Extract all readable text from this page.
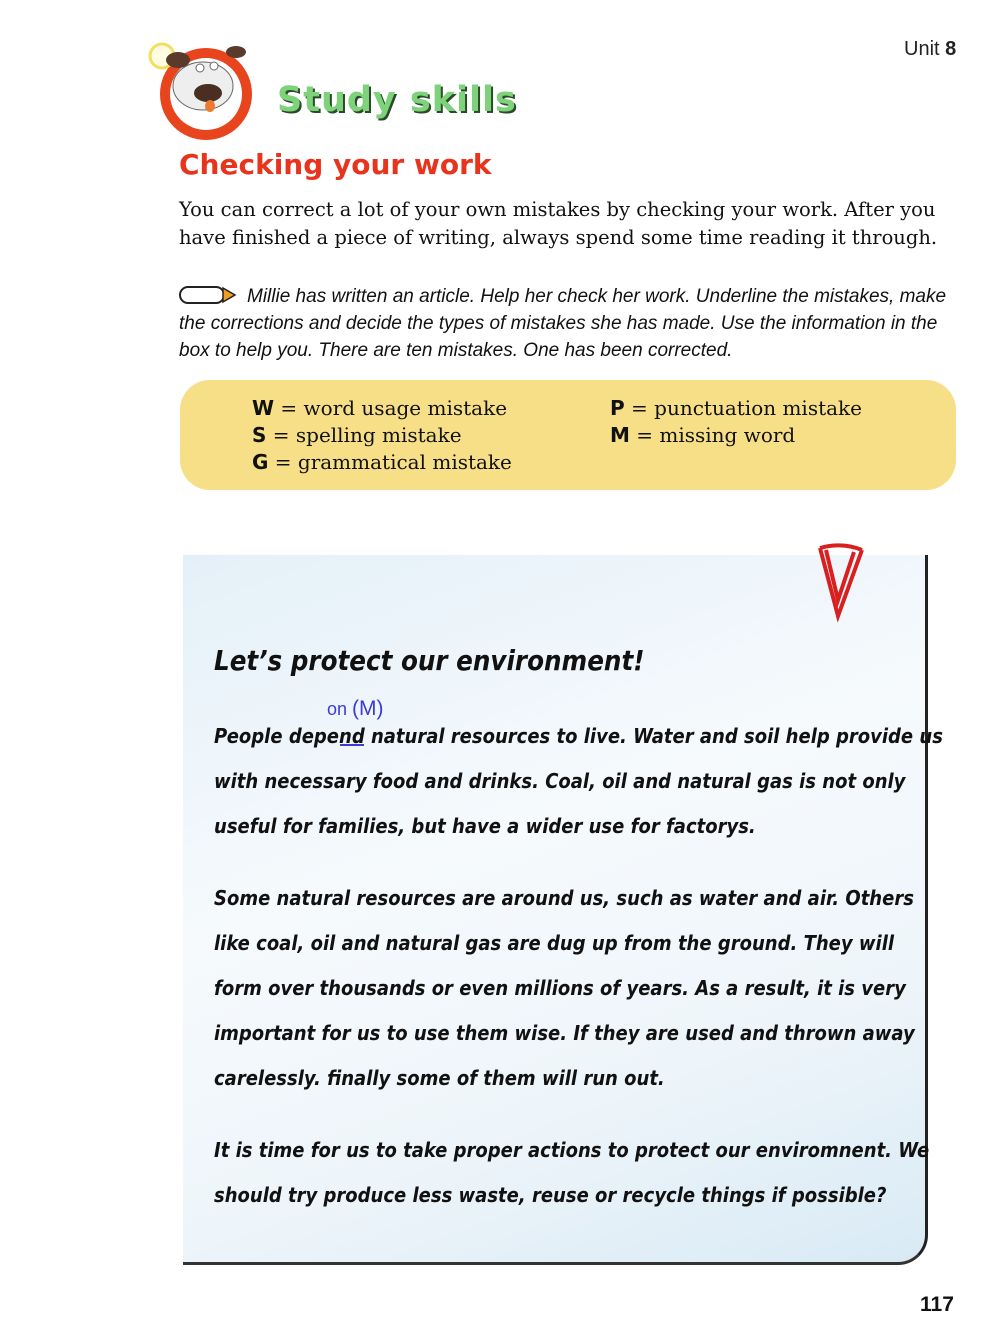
Unit 8
Study skills
Checking your work

You can correct a lot of your own mistakes by checking your work. After you have finished a piece of writing, always spend some time reading it through.

Millie has written an article. Help her check her work. Underline the mistakes, make the corrections and decide the types of mistakes she has made. Use the information in the box to help you. There are ten mistakes. One has been corrected.
W = word usage mistake
S = spelling mistake
G = grammatical mistake
P = punctuation mistake
M = missing word
Let’s protect our environment!
on (M)
People depend natural resources to live. Water and soil help provide us
with necessary food and drinks. Coal, oil and natural gas is not only
useful for families, but have a wider use for factorys.
Some natural resources are around us, such as water and air. Others
like coal, oil and natural gas are dug up from the ground. They will
form over thousands or even millions of years. As a result, it is very
important for us to use them wise. If they are used and thrown away
carelessly. finally some of them will run out.
It is time for us to take proper actions to protect our enviromnent. We
should try produce less waste, reuse or recycle things if possible?
117
